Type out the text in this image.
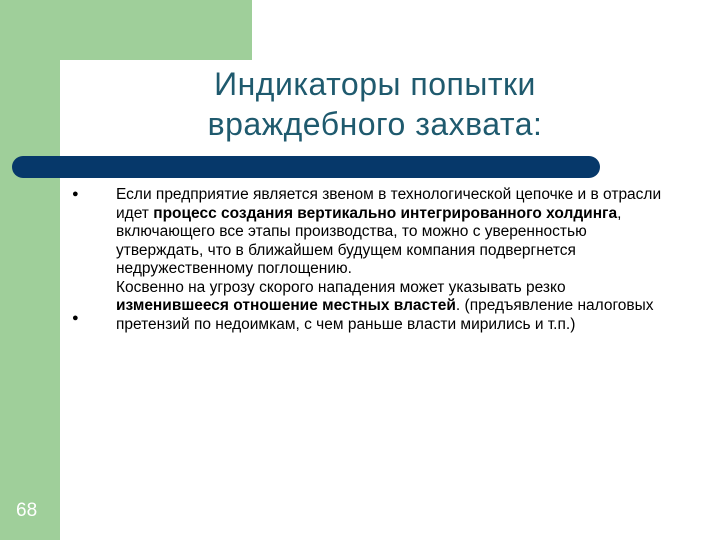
Индикаторы попытки
враждебного захвата:
●
●

Если предприятие является звеном в технологической цепочке и в отрасли идет процесс создания вертикально интегрированного холдинга, включающего все этапы производства, то можно с уверенностью утверждать, что в ближайшем будущем компания подвергнется недружественному поглощению.

Косвенно на угрозу скорого нападения может указывать резко изменившееся отношение местных властей. (предъявление налоговых претензий по недоимкам, с чем раньше власти мирились и т.п.)

68
